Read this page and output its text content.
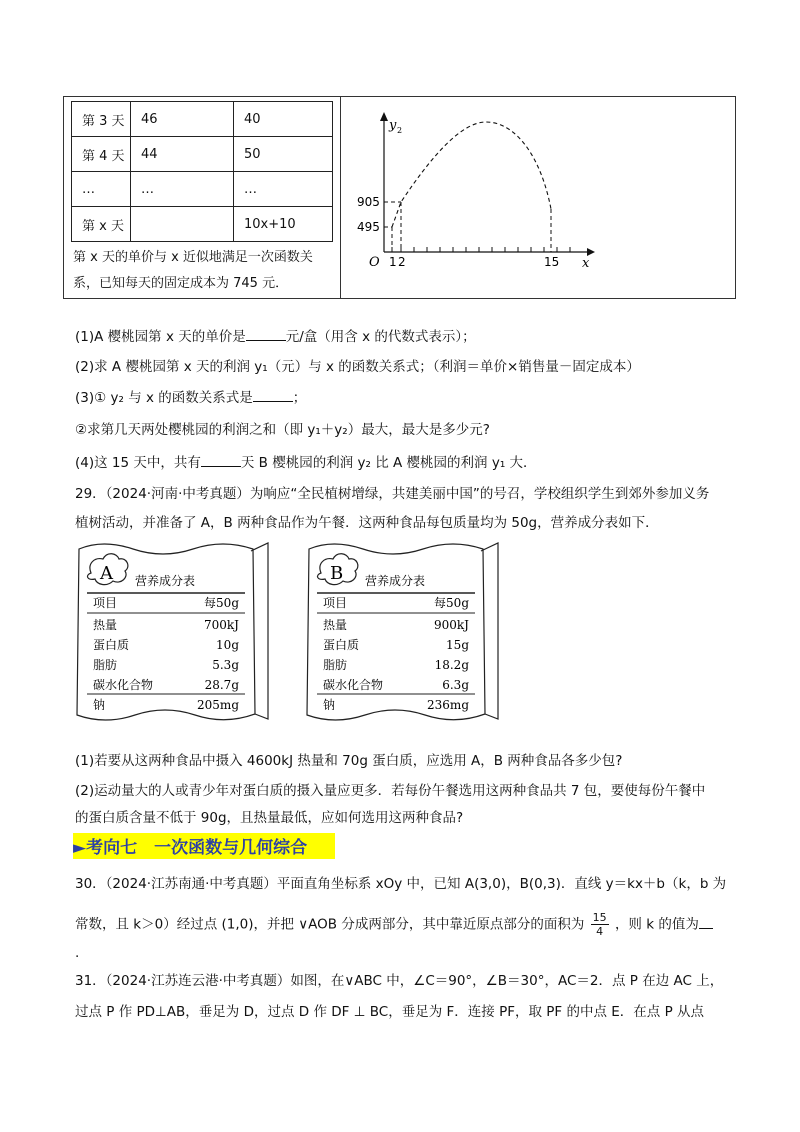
第 3 天	46	40
第 4 天	44	50
…	…	…
第 x 天		10x+10
第 x 天的单价与 x 近似地满足一次函数关
系，已知每天的固定成本为 745 元．
y 2
x
O
905
495
1 2	15
(1)A 樱桃园第 x 天的单价是	元/盒（用含 x 的代数式表示）；
(2)求 A 樱桃园第 x 天的利润 y₁（元）与 x 的函数关系式；（利润＝单价×销售量－固定成本）
(3)① y₂ 与 x 的函数关系式是	；
②求第几天两处樱桃园的利润之和（即 y₁＋y₂）最大，最大是多少元?
(4)这 15 天中，共有	天 B 樱桃园的利润 y₂ 比 A 樱桃园的利润 y₁ 大．
29．（2024·河南·中考真题）为响应“全民植树增绿，共建美丽中国”的号召，学校组织学生到郊外参加义务
植树活动，并准备了 A，B 两种食品作为午餐．这两种食品每包质量均为 50g，营养成分表如下．
A 营养成分表
项目	每50g
热量	700kJ
蛋白质	10g
脂肪	5.3g
碳水化合物	28.7g
钠	205mg
B 营养成分表
项目	每50g
热量	900kJ
蛋白质	15g
脂肪	18.2g
碳水化合物	6.3g
钠	236mg
(1)若要从这两种食品中摄入 4600kJ 热量和 70g 蛋白质，应选用 A，B 两种食品各多少包?
(2)运动量大的人或青少年对蛋白质的摄入量应更多．若每份午餐选用这两种食品共 7 包，要使每份午餐中
的蛋白质含量不低于 90g，且热量最低，应如何选用这两种食品?
►考向七　一次函数与几何综合
30．（2024·江苏南通·中考真题）平面直角坐标系 xOy 中，已知 A(3,0)，B(0,3)．直线 y＝kx＋b（k，b 为
常数，且 k＞0）经过点 (1,0)，并把 ∨AOB 分成两部分，其中靠近原点部分的面积为 $\frac{15}{4}$ ，则 k 的值为
.
31．（2024·江苏连云港·中考真题）如图，在∨ABC 中，∠C＝90°，∠B＝30°，AC＝2．点 P 在边 AC 上，
过点 P 作 PD⊥AB，垂足为 D，过点 D 作 DF ⊥ BC，垂足为 F．连接 PF，取 PF 的中点 E．在点 P 从点
